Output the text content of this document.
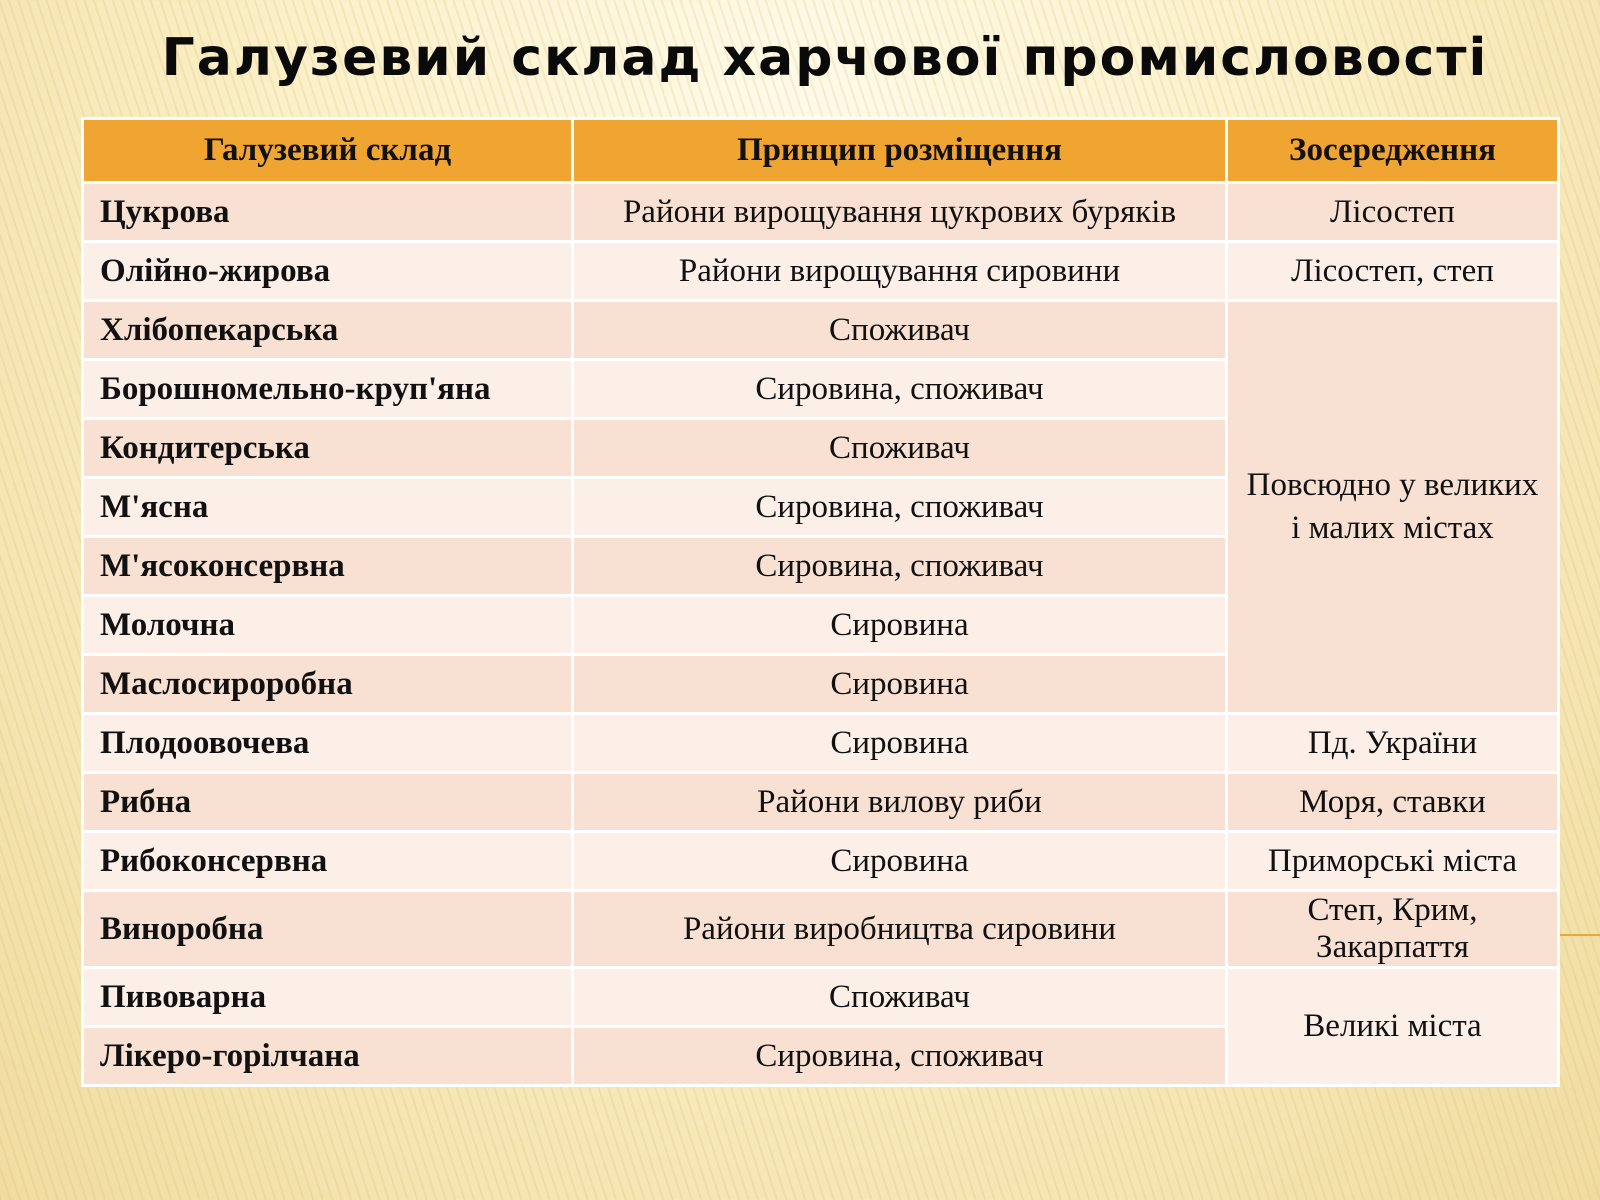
Галузевий склад харчової промисловості
Галузевий склад	Принцип розміщення	Зосередження
Цукрова	Райони вирощування цукрових буряків	Лісостеп
Олійно-жирова	Райони вирощування сировини	Лісостеп, степ
Хлібопекарська	Споживач	Повсюдно у великих і малих містах
Борошномельно-круп'яна	Сировина, споживач	
Кондитерська	Споживач	
М'ясна	Сировина, споживач	
М'ясоконсервна	Сировина, споживач	
Молочна	Сировина	
Маслосироробна	Сировина	
Плодоовочева	Сировина	Пд. України
Рибна	Райони вилову риби	Моря, ставки
Рибоконсервна	Сировина	Приморські міста
Виноробна	Райони виробництва сировини	Степ, Крим, Закарпаття
Пивоварна	Споживач	Великі міста
Лікеро-горілчана	Сировина, споживач	
